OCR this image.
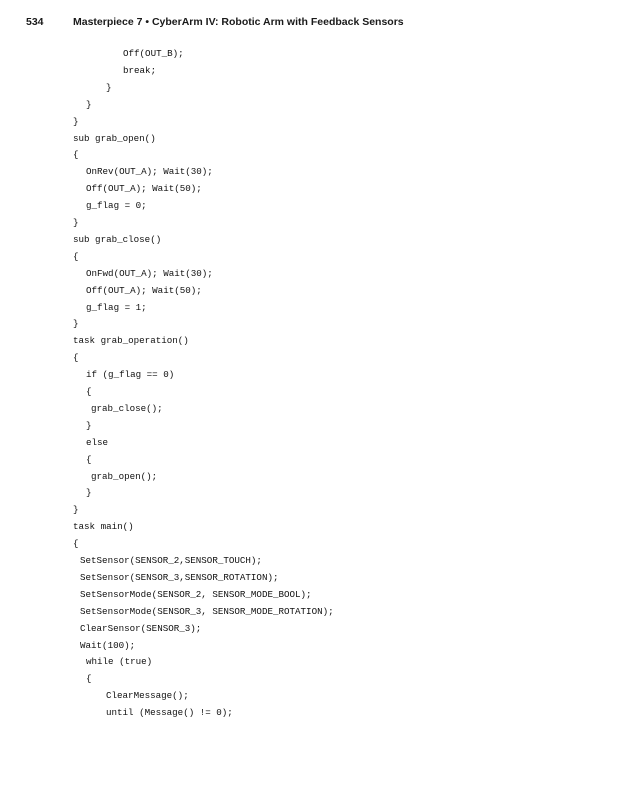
534	Masterpiece 7 • CyberArm IV: Robotic Arm with Feedback Sensors
Off(OUT_B);
break;
}
}
}
sub grab_open()
{
OnRev(OUT_A); Wait(30);
Off(OUT_A); Wait(50);
g_flag = 0;
}
sub grab_close()
{
OnFwd(OUT_A); Wait(30);
Off(OUT_A); Wait(50);
g_flag = 1;
}
task grab_operation()
{
if (g_flag == 0)
{
grab_close();
}
else
{
grab_open();
}
}
task main()
{
SetSensor(SENSOR_2,SENSOR_TOUCH);
SetSensor(SENSOR_3,SENSOR_ROTATION);
SetSensorMode(SENSOR_2, SENSOR_MODE_BOOL);
SetSensorMode(SENSOR_3, SENSOR_MODE_ROTATION);
ClearSensor(SENSOR_3);
Wait(100);
while (true)
{
ClearMessage();
until (Message() != 0);
